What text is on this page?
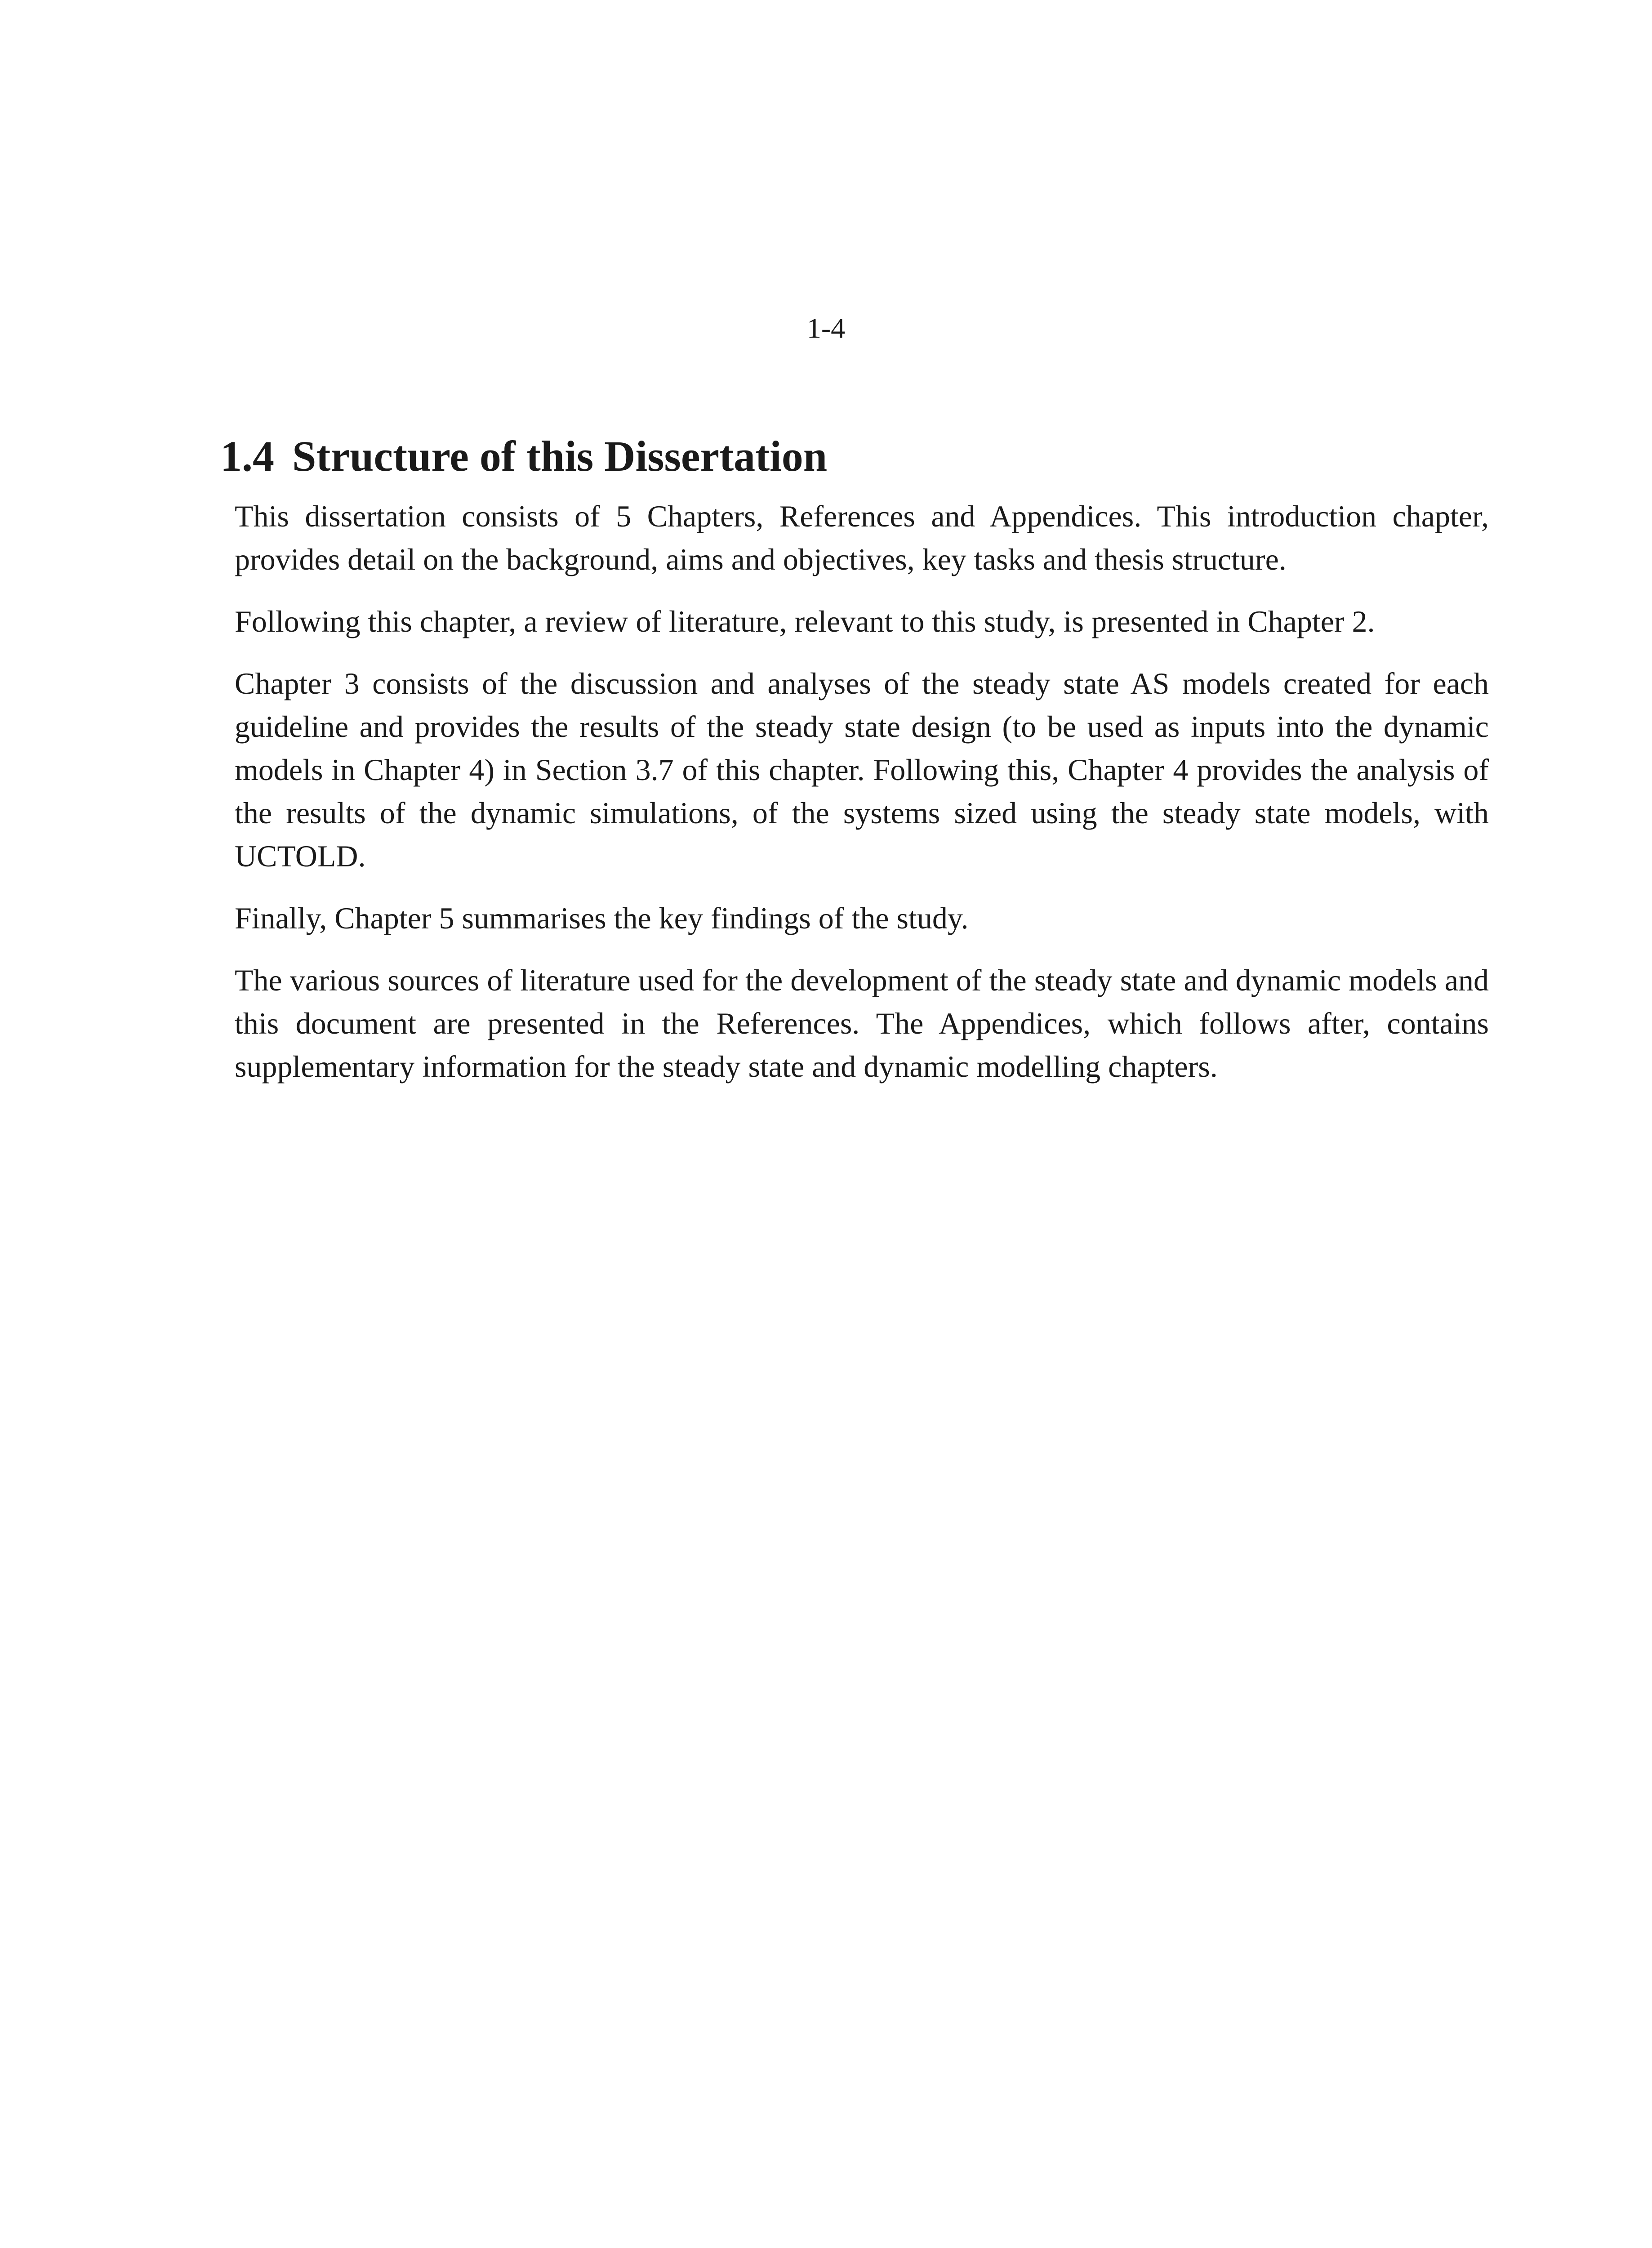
1-4
1.4 Structure of this Dissertation

This dissertation consists of 5 Chapters, References and Appendices. This introduction chapter, provides detail on the background, aims and objectives, key tasks and thesis structure.

Following this chapter, a review of literature, relevant to this study, is presented in Chapter 2.

Chapter 3 consists of the discussion and analyses of the steady state AS models created for each guideline and provides the results of the steady state design (to be used as inputs into the dynamic models in Chapter 4) in Section 3.7 of this chapter. Following this, Chapter 4 provides the analysis of the results of the dynamic simulations, of the systems sized using the steady state models, with UCTOLD.

Finally, Chapter 5 summarises the key findings of the study.

The various sources of literature used for the development of the steady state and dynamic models and this document are presented in the References. The Appendices, which follows after, contains supplementary information for the steady state and dynamic modelling chapters.
